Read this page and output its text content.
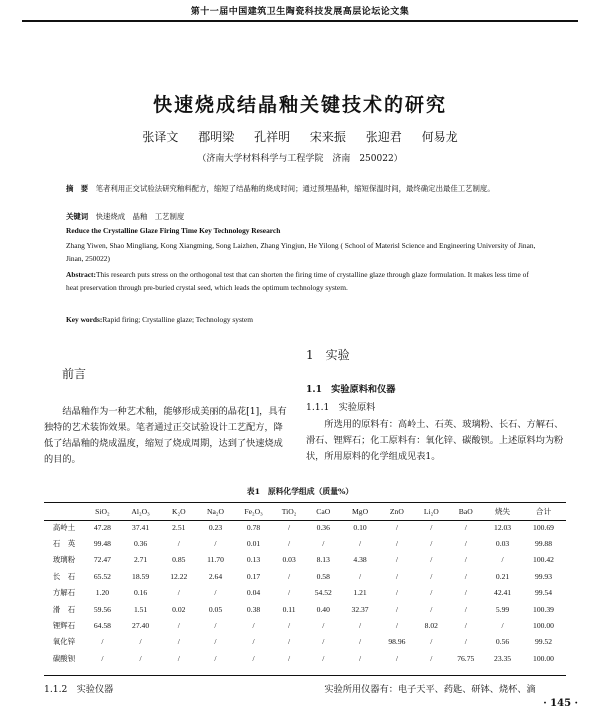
第十一届中国建筑卫生陶瓷科技发展高层论坛论文集
快速烧成结晶釉关键技术的研究
张译文 郡明梁 孔祥明 宋来振 张迎君 何易龙
（济南大学材料科学与工程学院　济南　250022）
摘　要　 笔者利用正交试验法研究釉料配方，缩短了结晶釉的烧成时间；通过预埋晶种，缩短保温时间，最终确定出最佳工艺制度。
关键词　 快速烧成　晶釉　工艺制度
Reduce the Crystalline Glaze Firing Time Key Technology Research
Zhang Yiwen, Shao Mingliang, Kong Xiangming, Song Laizhen, Zhang Yingjun, He Yilong ( School of Materisl Science and Engineering University of Jinan, Jinan, 250022)
Abstract:This research puts stress on the orthogonal test that can shorten the firing time of crystalline glaze through glaze formulation. It makes less time of heat preservation through pre-buried crystal seed, which leads the optimum technology system.
Key words:Rapid firing; Crystalline glaze; Technology system
前言
结晶釉作为一种艺术釉，能够形成美丽的晶花[1]，具有独特的艺术装饰效果。笔者通过正交试验设计工艺配方，降低了结晶釉的烧成温度，缩短了烧成周期，达到了快速烧成的目的。
1　实验
1.1　实验原料和仪器
1.1.1　实验原料
所选用的原料有：高岭土、石英、玻璃粉、长石、方解石、滑石、锂辉石；化工原料有：氧化锌、碳酸钡。上述原料均为粉状，所用原料的化学组成见表1。
表1　原料化学组成（质量%）
	SiO₂	Al₂O₃	K₂O	Na₂O	Fe₂O₃	TiO₂	CaO	MgO	ZnO	Li₂O	BaO	烧失	合计
高岭土	47.28	37.41	2.51	0.23	0.78	/	0.36	0.10	/	/	/	12.03	100.69
石　英	99.48	0.36	/	/	0.01	/	/	/	/	/	/	0.03	99.88
玻璃粉	72.47	2.71	0.85	11.70	0.13	0.03	8.13	4.38	/	/	/	/	100.42
长　石	65.52	18.59	12.22	2.64	0.17	/	0.58	/	/	/	/	0.21	99.93
方解石	1.20	0.16	/	/	0.04	/	54.52	1.21	/	/	/	42.41	99.54
滑　石	59.56	1.51	0.02	0.05	0.38	0.11	0.40	32.37	/	/	/	5.99	100.39
锂辉石	64.58	27.40	/	/	/	/	/	/	/	8.02	/	/	100.00
氧化锌	/	/	/	/	/	/	/	/	98.96	/	/	0.56	99.52
碳酸钡	/	/	/	/	/	/	/	/	/	/	76.75	23.35	100.00
1.1.2　实验仪器	实验所用仪器有：电子天平、药匙、研钵、烧杯、滴
· 145 ·
